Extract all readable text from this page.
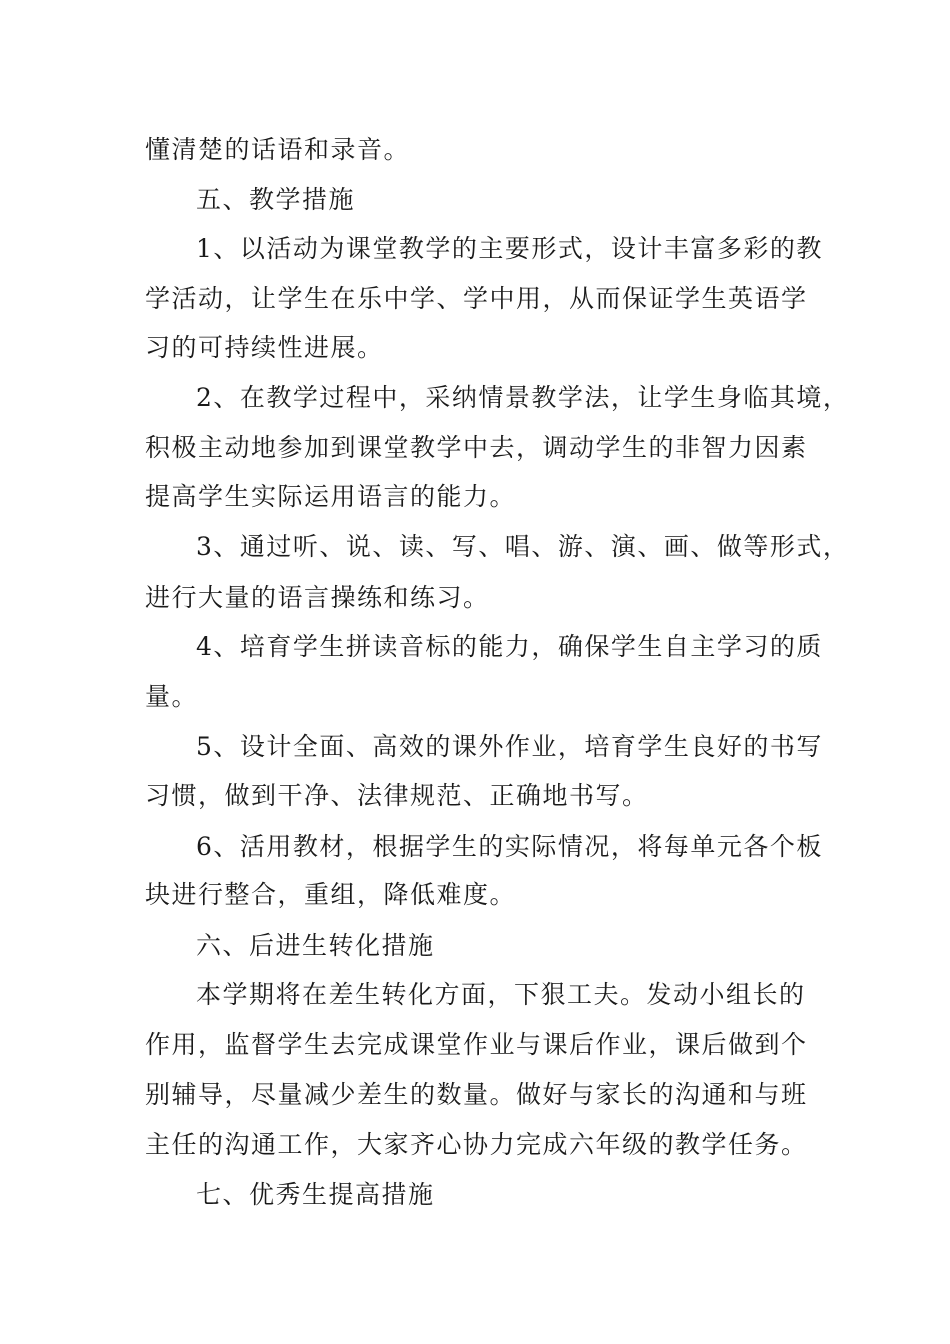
懂清楚的话语和录音。
五、教学措施
1、以活动为课堂教学的主要形式，设计丰富多彩的教
学活动，让学生在乐中学、学中用，从而保证学生英语学
习的可持续性进展。
2、在教学过程中，采纳情景教学法，让学生身临其境，
积极主动地参加到课堂教学中去，调动学生的非智力因素
提高学生实际运用语言的能力。
3、通过听、说、读、写、唱、游、演、画、做等形式，
进行大量的语言操练和练习。
4、培育学生拼读音标的能力，确保学生自主学习的质
量。
5、设计全面、高效的课外作业，培育学生良好的书写
习惯，做到干净、法律规范、正确地书写。
6、活用教材，根据学生的实际情况，将每单元各个板
块进行整合，重组，降低难度。
六、后进生转化措施
本学期将在差生转化方面，下狠工夫。发动小组长的
作用，监督学生去完成课堂作业与课后作业，课后做到个
别辅导，尽量减少差生的数量。做好与家长的沟通和与班
主任的沟通工作，大家齐心协力完成六年级的教学任务。
七、优秀生提高措施
